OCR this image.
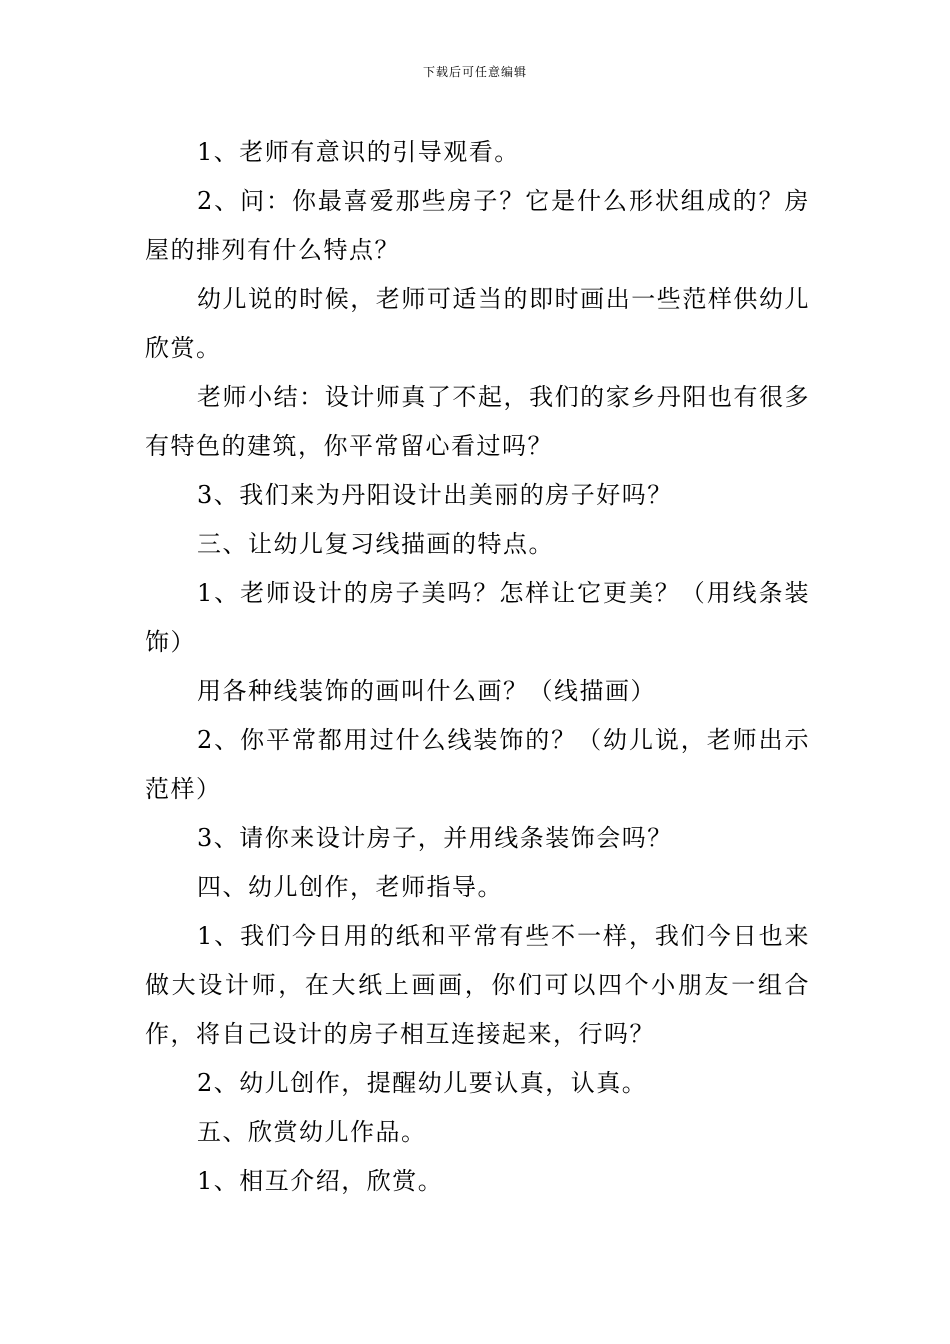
下载后可任意编辑

1、老师有意识的引导观看。

2、问：你最喜爱那些房子？它是什么形状组成的？房屋的排列有什么特点？

幼儿说的时候，老师可适当的即时画出一些范样供幼儿欣赏。

老师小结：设计师真了不起，我们的家乡丹阳也有很多有特色的建筑，你平常留心看过吗？

3、我们来为丹阳设计出美丽的房子好吗？

三、让幼儿复习线描画的特点。

1、老师设计的房子美吗？怎样让它更美？（用线条装饰）

用各种线装饰的画叫什么画？（线描画）

2、你平常都用过什么线装饰的？（幼儿说，老师出示范样）

3、请你来设计房子，并用线条装饰会吗？

四、幼儿创作，老师指导。

1、我们今日用的纸和平常有些不一样，我们今日也来做大设计师，在大纸上画画，你们可以四个小朋友一组合作，将自己设计的房子相互连接起来，行吗？

2、幼儿创作，提醒幼儿要认真，认真。

五、欣赏幼儿作品。

1、相互介绍，欣赏。
